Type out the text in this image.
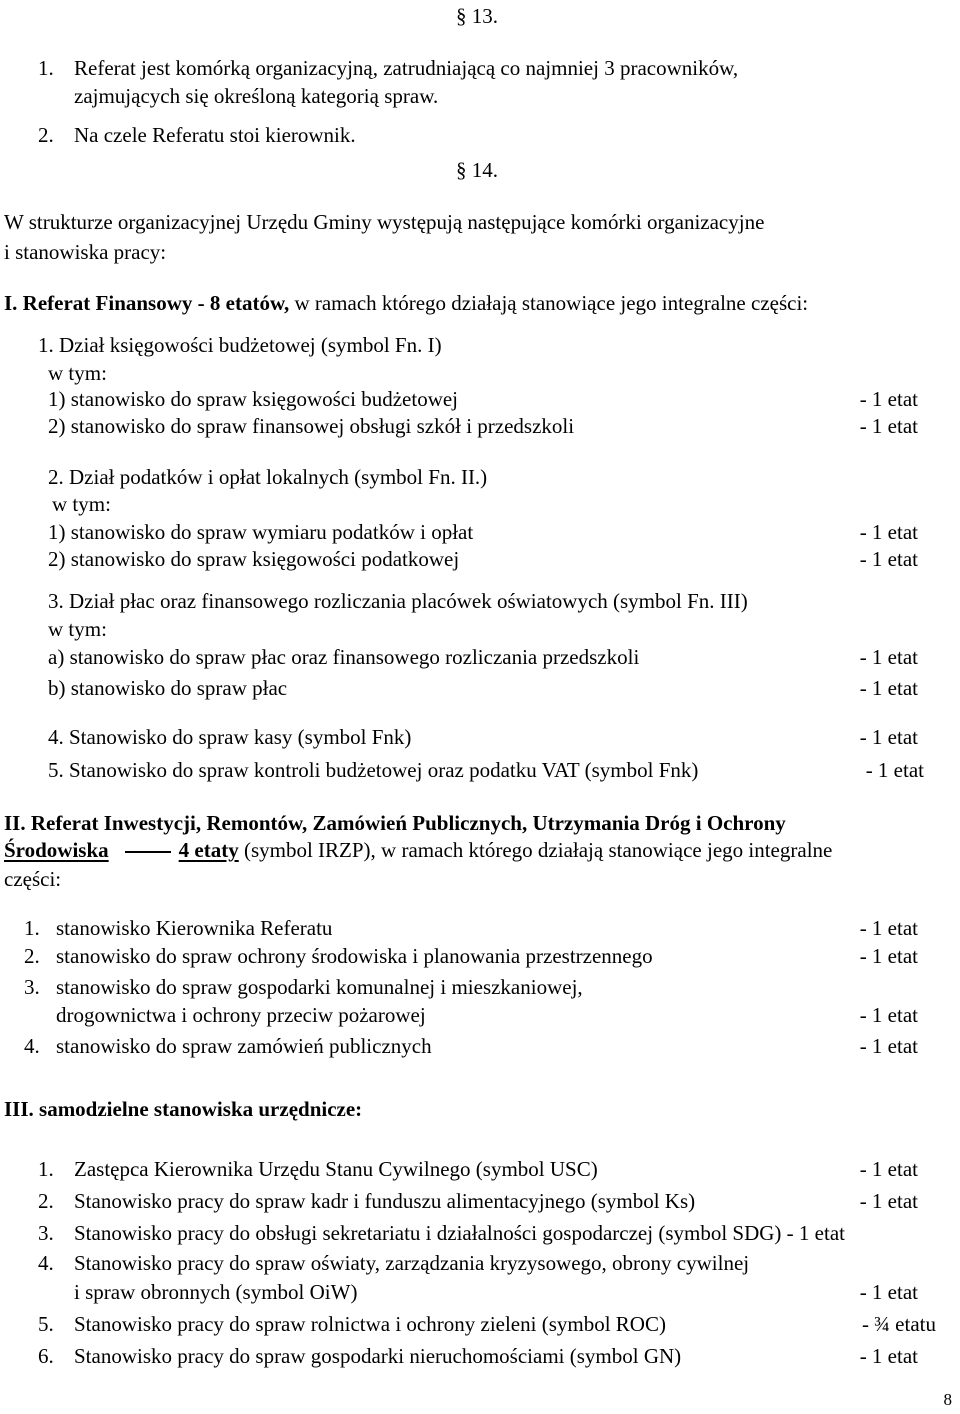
§ 13.
1. Referat jest komórką organizacyjną, zatrudniającą co najmniej 3 pracowników,
zajmujących się określoną kategorią spraw.
2. Na czele Referatu stoi kierownik.
§ 14.
W strukturze organizacyjnej Urzędu Gminy występują następujące komórki organizacyjne
i stanowiska pracy:
I. Referat Finansowy - 8 etatów, w ramach którego działają stanowiące jego integralne części:
1. Dział księgowości budżetowej (symbol Fn. I)
w tym:
1) stanowisko do spraw księgowości budżetowej	- 1 etat
2) stanowisko do spraw finansowej obsługi szkół i przedszkoli	- 1 etat
2. Dział podatków i opłat lokalnych (symbol Fn. II.)
w tym:
1) stanowisko do spraw wymiaru podatków i opłat	- 1 etat
2) stanowisko do spraw księgowości podatkowej	- 1 etat
3. Dział płac oraz finansowego rozliczania placówek oświatowych (symbol Fn. III)
w tym:
a) stanowisko do spraw płac oraz finansowego rozliczania przedszkoli	- 1 etat
b) stanowisko do spraw płac	- 1 etat
4. Stanowisko do spraw kasy (symbol Fnk)	- 1 etat
5. Stanowisko do spraw kontroli budżetowej oraz podatku VAT (symbol Fnk)	- 1 etat
II. Referat Inwestycji, Remontów, Zamówień Publicznych, Utrzymania Dróg i Ochrony
Środowiska	4 etaty (symbol IRZP), w ramach którego działają stanowiące jego integralne
części:
1. stanowisko Kierownika Referatu	- 1 etat
2. stanowisko do spraw ochrony środowiska i planowania przestrzennego	- 1 etat
3. stanowisko do spraw gospodarki komunalnej i mieszkaniowej,
drogownictwa i ochrony przeciw pożarowej	- 1 etat
4. stanowisko do spraw zamówień publicznych	- 1 etat
III. samodzielne stanowiska urzędnicze:
1. Zastępca Kierownika Urzędu Stanu Cywilnego (symbol USC)	- 1 etat
2. Stanowisko pracy do spraw kadr i funduszu alimentacyjnego (symbol Ks)	- 1 etat
3. Stanowisko pracy do obsługi sekretariatu i działalności gospodarczej (symbol SDG) - 1 etat
4. Stanowisko pracy do spraw oświaty, zarządzania kryzysowego, obrony cywilnej
i spraw obronnych (symbol OiW)	- 1 etat
5. Stanowisko pracy do spraw rolnictwa i ochrony zieleni (symbol ROC)	- ¾ etatu
6. Stanowisko pracy do spraw gospodarki nieruchomościami (symbol GN)	- 1 etat
8
